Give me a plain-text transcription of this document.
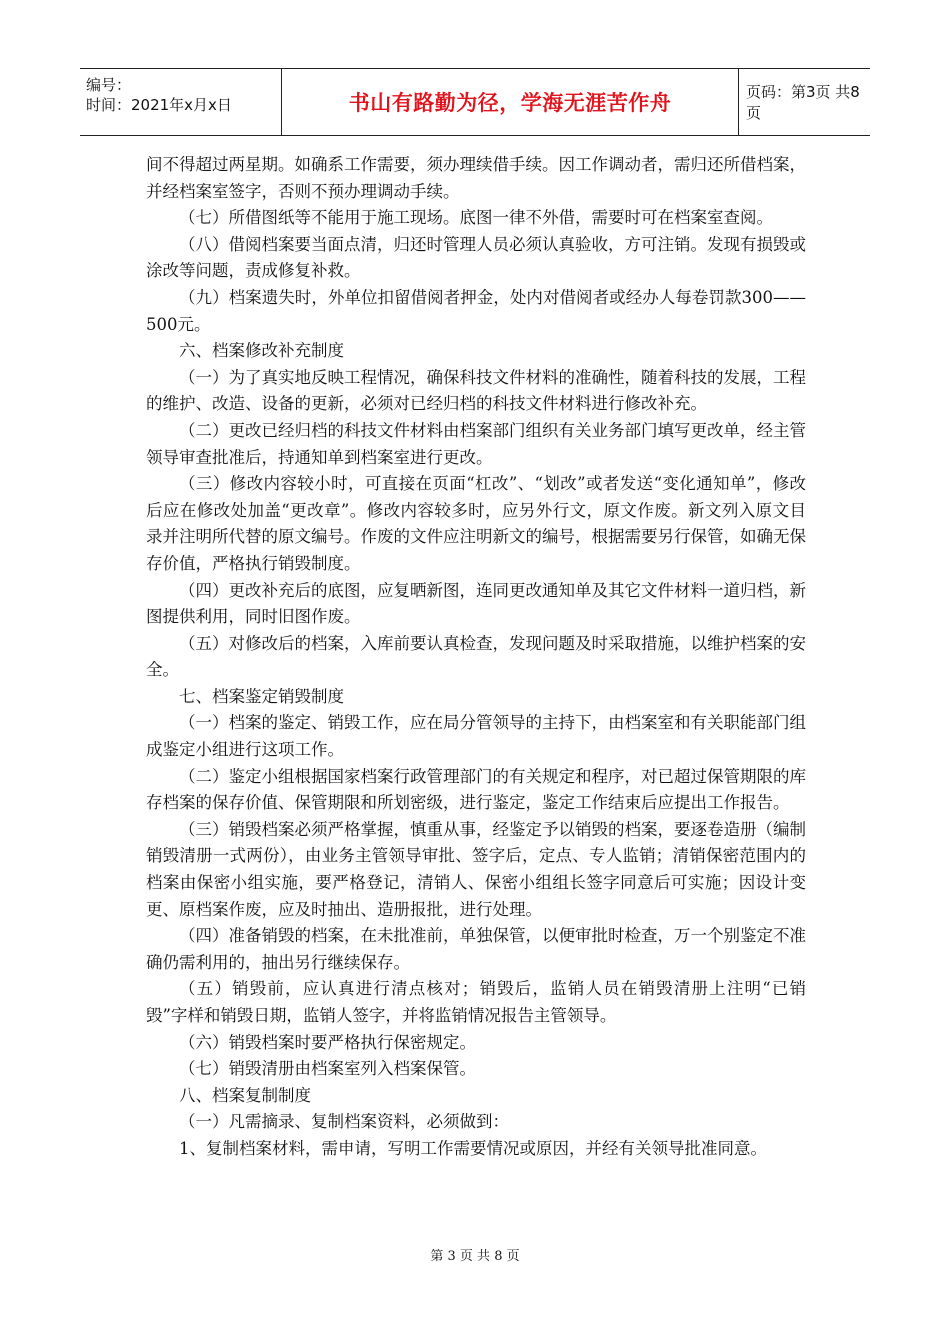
编号：
时间：2021年x月x日	书山有路勤为径，学海无涯苦作舟	页码：第3页 共8页

间不得超过两星期。如确系工作需要，须办理续借手续。因工作调动者，需归还所借档案，并经档案室签字，否则不预办理调动手续。

（七）所借图纸等不能用于施工现场。底图一律不外借，需要时可在档案室查阅。

（八）借阅档案要当面点清，归还时管理人员必须认真验收，方可注销。发现有损毁或涂改等问题，责成修复补救。

（九）档案遗失时，外单位扣留借阅者押金，处内对借阅者或经办人每卷罚款300——500元。

六、档案修改补充制度

（一）为了真实地反映工程情况，确保科技文件材料的准确性，随着科技的发展，工程的维护、改造、设备的更新，必须对已经归档的科技文件材料进行修改补充。

（二）更改已经归档的科技文件材料由档案部门组织有关业务部门填写更改单，经主管领导审查批准后，持通知单到档案室进行更改。

（三）修改内容较小时，可直接在页面“杠改”、“划改”或者发送“变化通知单”，修改后应在修改处加盖“更改章”。修改内容较多时，应另外行文，原文作废。新文列入原文目录并注明所代替的原文编号。作废的文件应注明新文的编号，根据需要另行保管，如确无保存价值，严格执行销毁制度。

（四）更改补充后的底图，应复晒新图，连同更改通知单及其它文件材料一道归档，新图提供利用，同时旧图作废。

（五）对修改后的档案，入库前要认真检查，发现问题及时采取措施，以维护档案的安全。

七、档案鉴定销毁制度

（一）档案的鉴定、销毁工作，应在局分管领导的主持下，由档案室和有关职能部门组成鉴定小组进行这项工作。

（二）鉴定小组根据国家档案行政管理部门的有关规定和程序，对已超过保管期限的库存档案的保存价值、保管期限和所划密级，进行鉴定，鉴定工作结束后应提出工作报告。

（三）销毁档案必须严格掌握，慎重从事，经鉴定予以销毁的档案，要逐卷造册（编制销毁清册一式两份），由业务主管领导审批、签字后，定点、专人监销；清销保密范围内的档案由保密小组实施，要严格登记，清销人、保密小组组长签字同意后可实施；因设计变更、原档案作废，应及时抽出、造册报批，进行处理。

（四）准备销毁的档案，在未批准前，单独保管，以便审批时检查，万一个别鉴定不准确仍需利用的，抽出另行继续保存。

（五）销毁前，应认真进行清点核对；销毁后，监销人员在销毁清册上注明“已销毁”字样和销毁日期，监销人签字，并将监销情况报告主管领导。

（六）销毁档案时要严格执行保密规定。

（七）销毁清册由档案室列入档案保管。

八、档案复制制度

（一）凡需摘录、复制档案资料，必须做到：

1、复制档案材料，需申请，写明工作需要情况或原因，并经有关领导批准同意。

第 3 页 共 8 页
